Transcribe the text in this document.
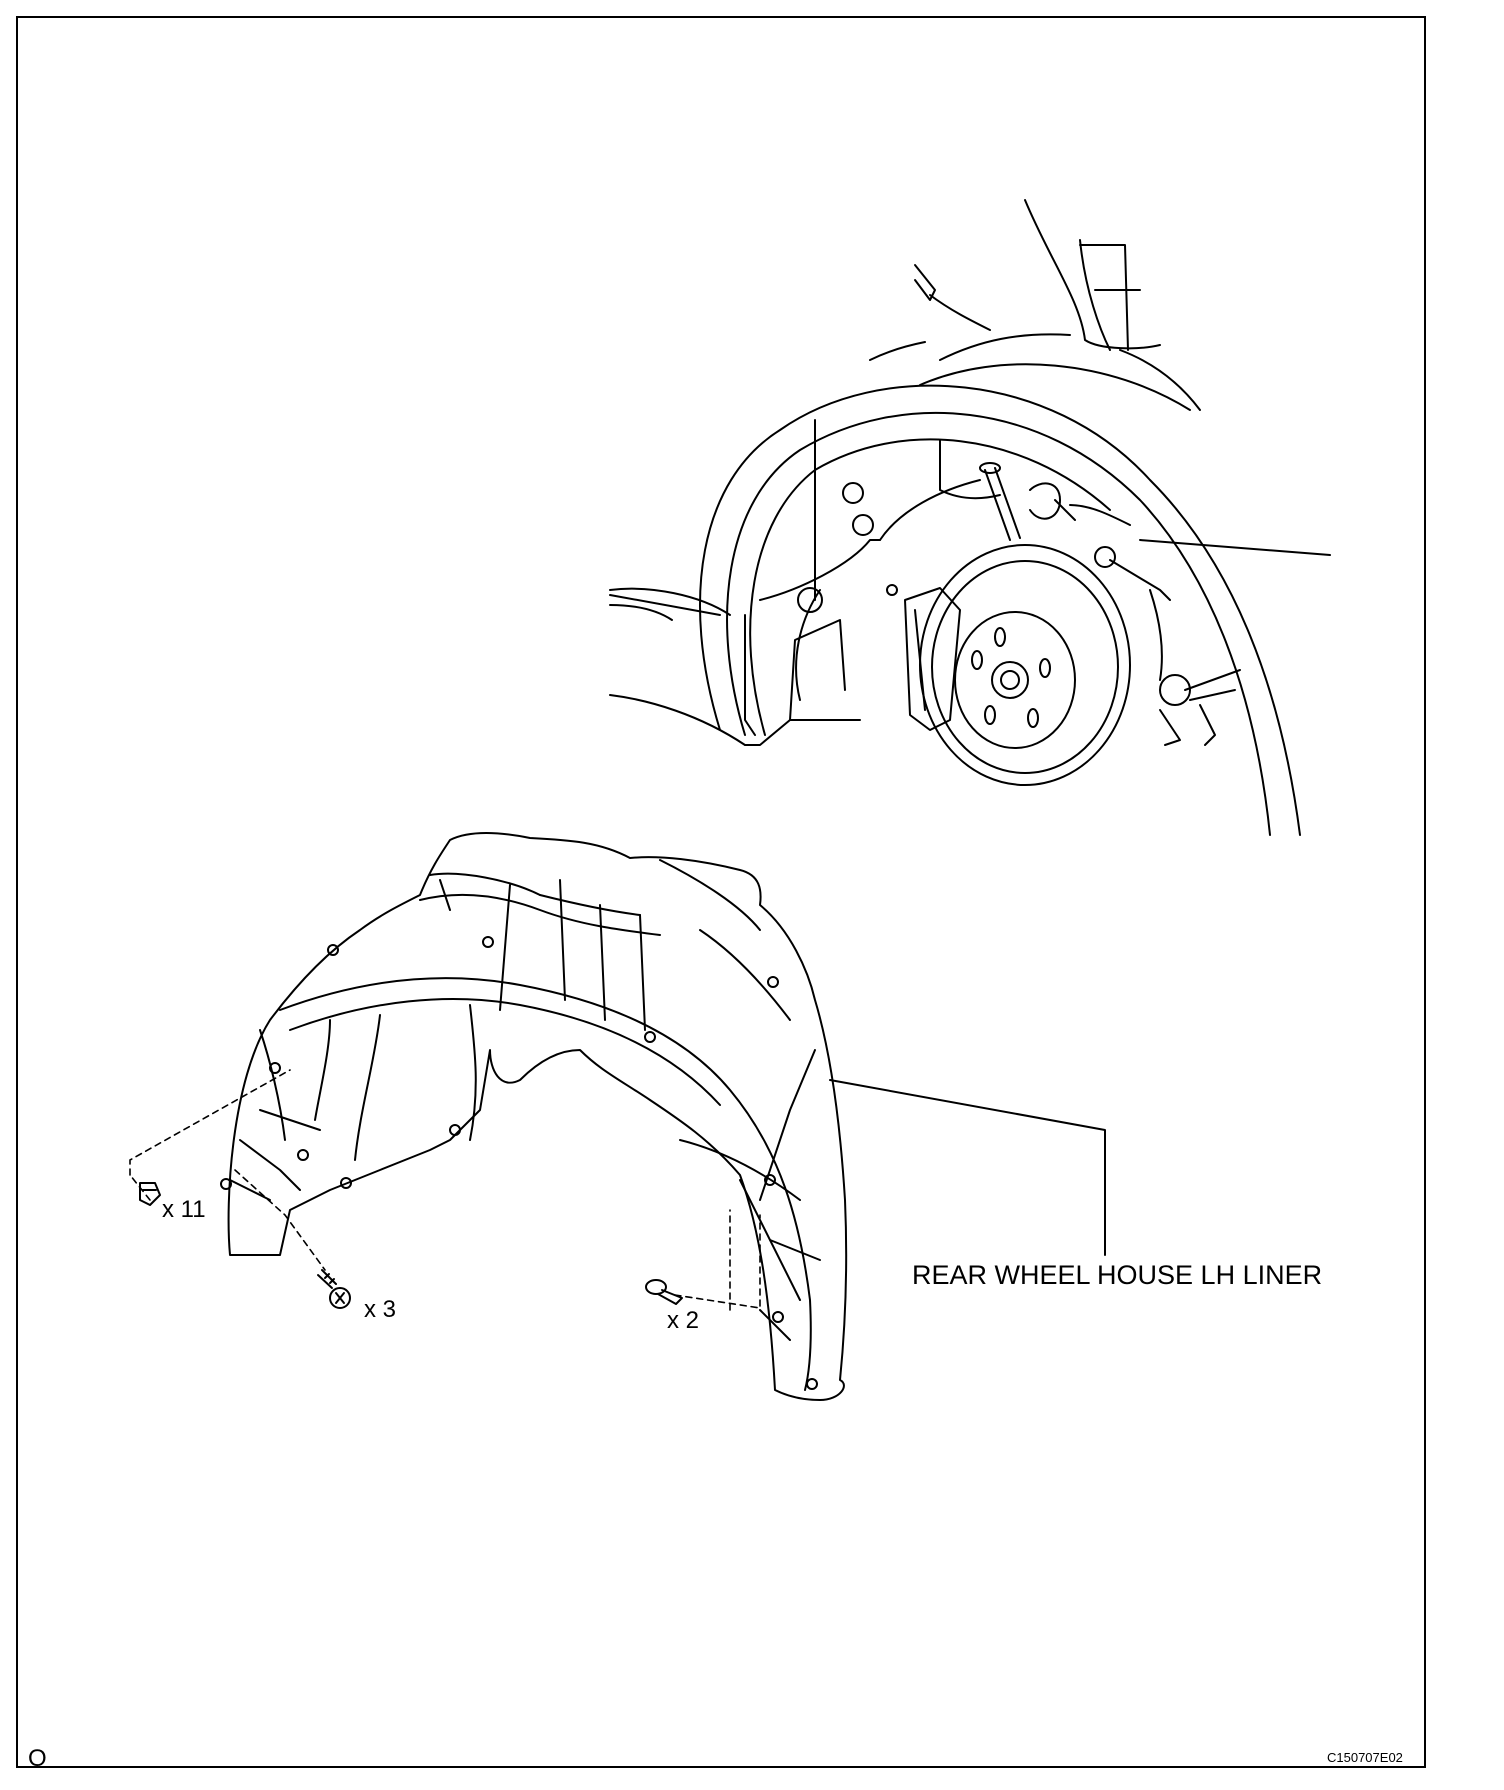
REAR WHEEL HOUSE LH LINER
x 11
x 3	x 2
O	C150707E02
